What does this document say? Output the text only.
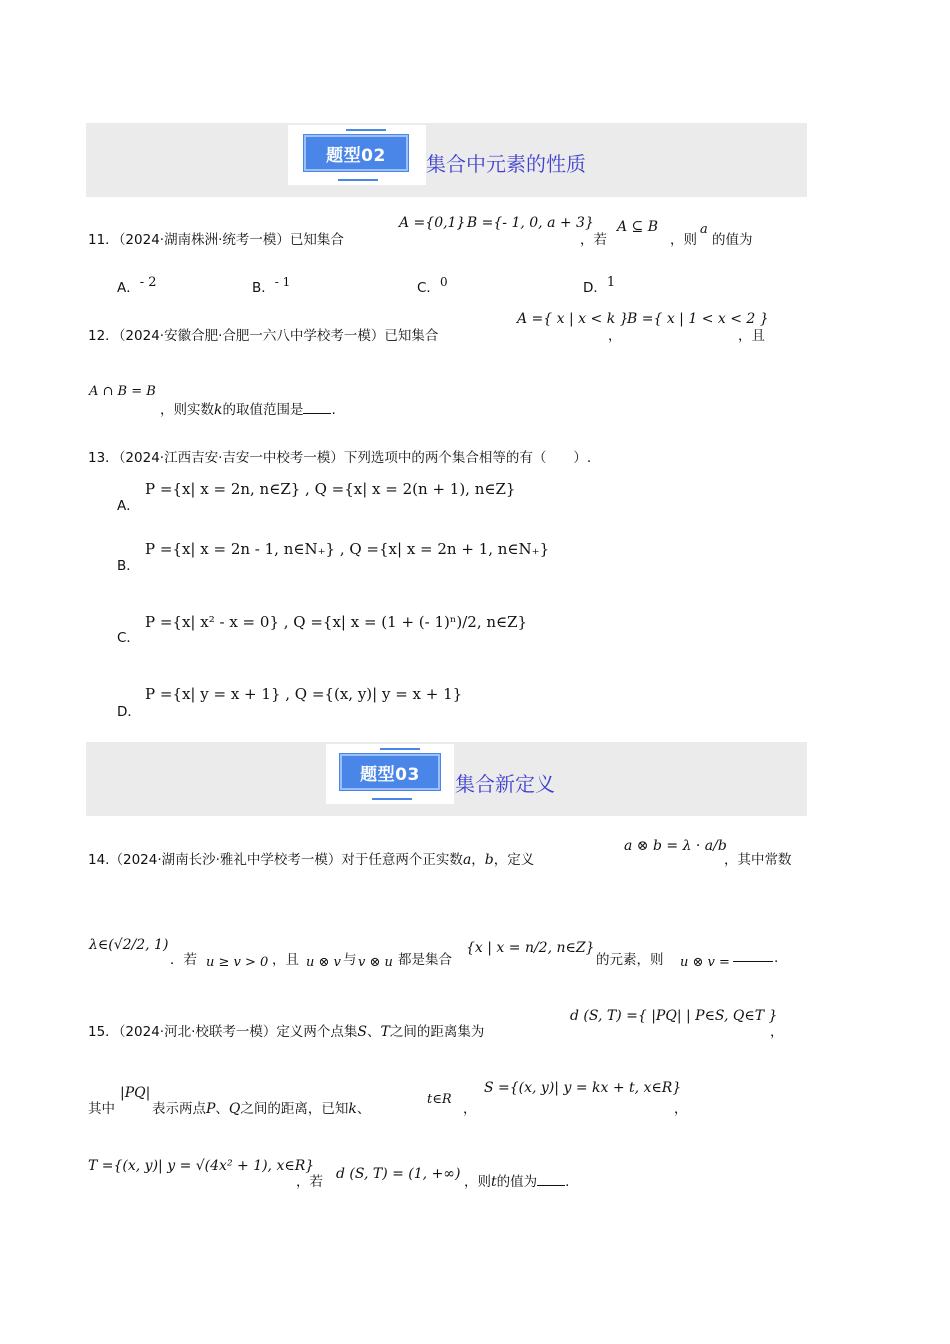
题型02	集合中元素的性质
11．（2024·湖南株洲·统考一模）已知集合
A ={0,1}
, B ={- 1, 0, a + 3}
，若
A ⊆ B
，则
a
的值为
A．- 2	B．- 1	C．0	D．1
12．（2024·安徽合肥·合肥一六八中学校考一模）已知集合
A ={ x | x < k }
，
B ={ x | 1 < x < 2 }
，且
A ∩ B = B
，则实数k的取值范围是 .
13．（2024·江西吉安·吉安一中校考一模）下列选项中的两个集合相等的有（　　）.
A．
P ={x| x = 2n, n∈Z} , Q ={x| x = 2(n + 1), n∈Z}
B．
P ={x| x = 2n - 1, n∈N₊} , Q ={x| x = 2n + 1, n∈N₊}
C．
P ={x| x² - x = 0} , Q ={x| x = (1 + (- 1)ⁿ)/2, n∈Z}
D．
P ={x| y = x + 1} , Q ={(x, y)| y = x + 1}
题型03	集合新定义
14.（2024·湖南长沙·雅礼中学校考一模）对于任意两个正实数a，b，定义
a ⊗ b = λ · a/b
，其中常数
λ∈(√2/2, 1)
．若 u ≥ v > 0 ，且 u ⊗ v 与 v ⊗ u 都是集合
{x | x = n/2, n∈Z}
的元素，则 u ⊗ v =	.
15．（2024·河北·校联考一模）定义两个点集S、T之间的距离集为
d (S, T) ={ |PQ| | P∈S, Q∈T }
，
其中
|PQ|
表示两点P、Q之间的距离，已知k、
t∈R
，
S ={(x, y)| y = kx + t, x∈R}
，
T ={(x, y)| y = √(4x² + 1), x∈R}
，若 d (S, T) = (1, +∞) ，则t的值为 .
